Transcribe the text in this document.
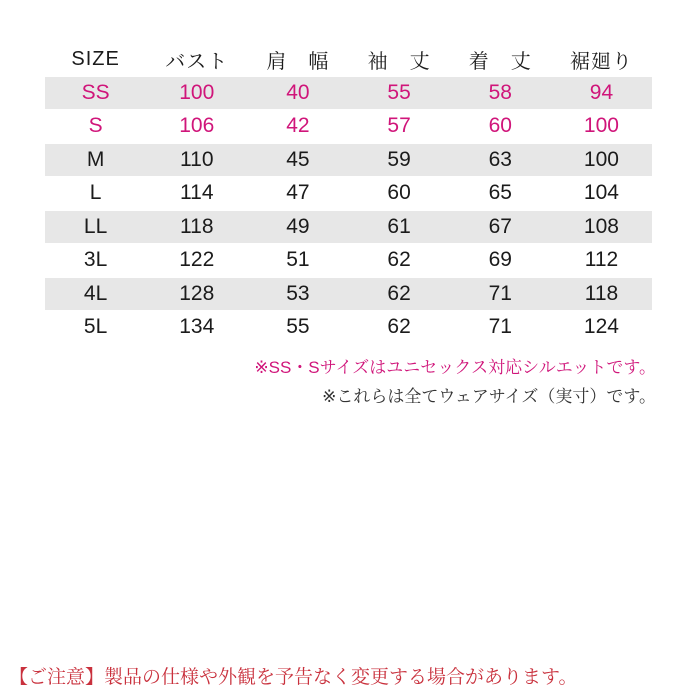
SIZE	バスト	肩　幅	袖　丈	着　丈	裾廻り
SS	100	40	55	58	94
S	106	42	57	60	100
M	110	45	59	63	100
L	114	47	60	65	104
LL	118	49	61	67	108
3L	122	51	62	69	112
4L	128	53	62	71	118
5L	134	55	62	71	124
※SS・Sサイズはユニセックス対応シルエットです。
※これらは全てウェアサイズ（実寸）です。
【ご注意】製品の仕様や外観を予告なく変更する場合があります。
